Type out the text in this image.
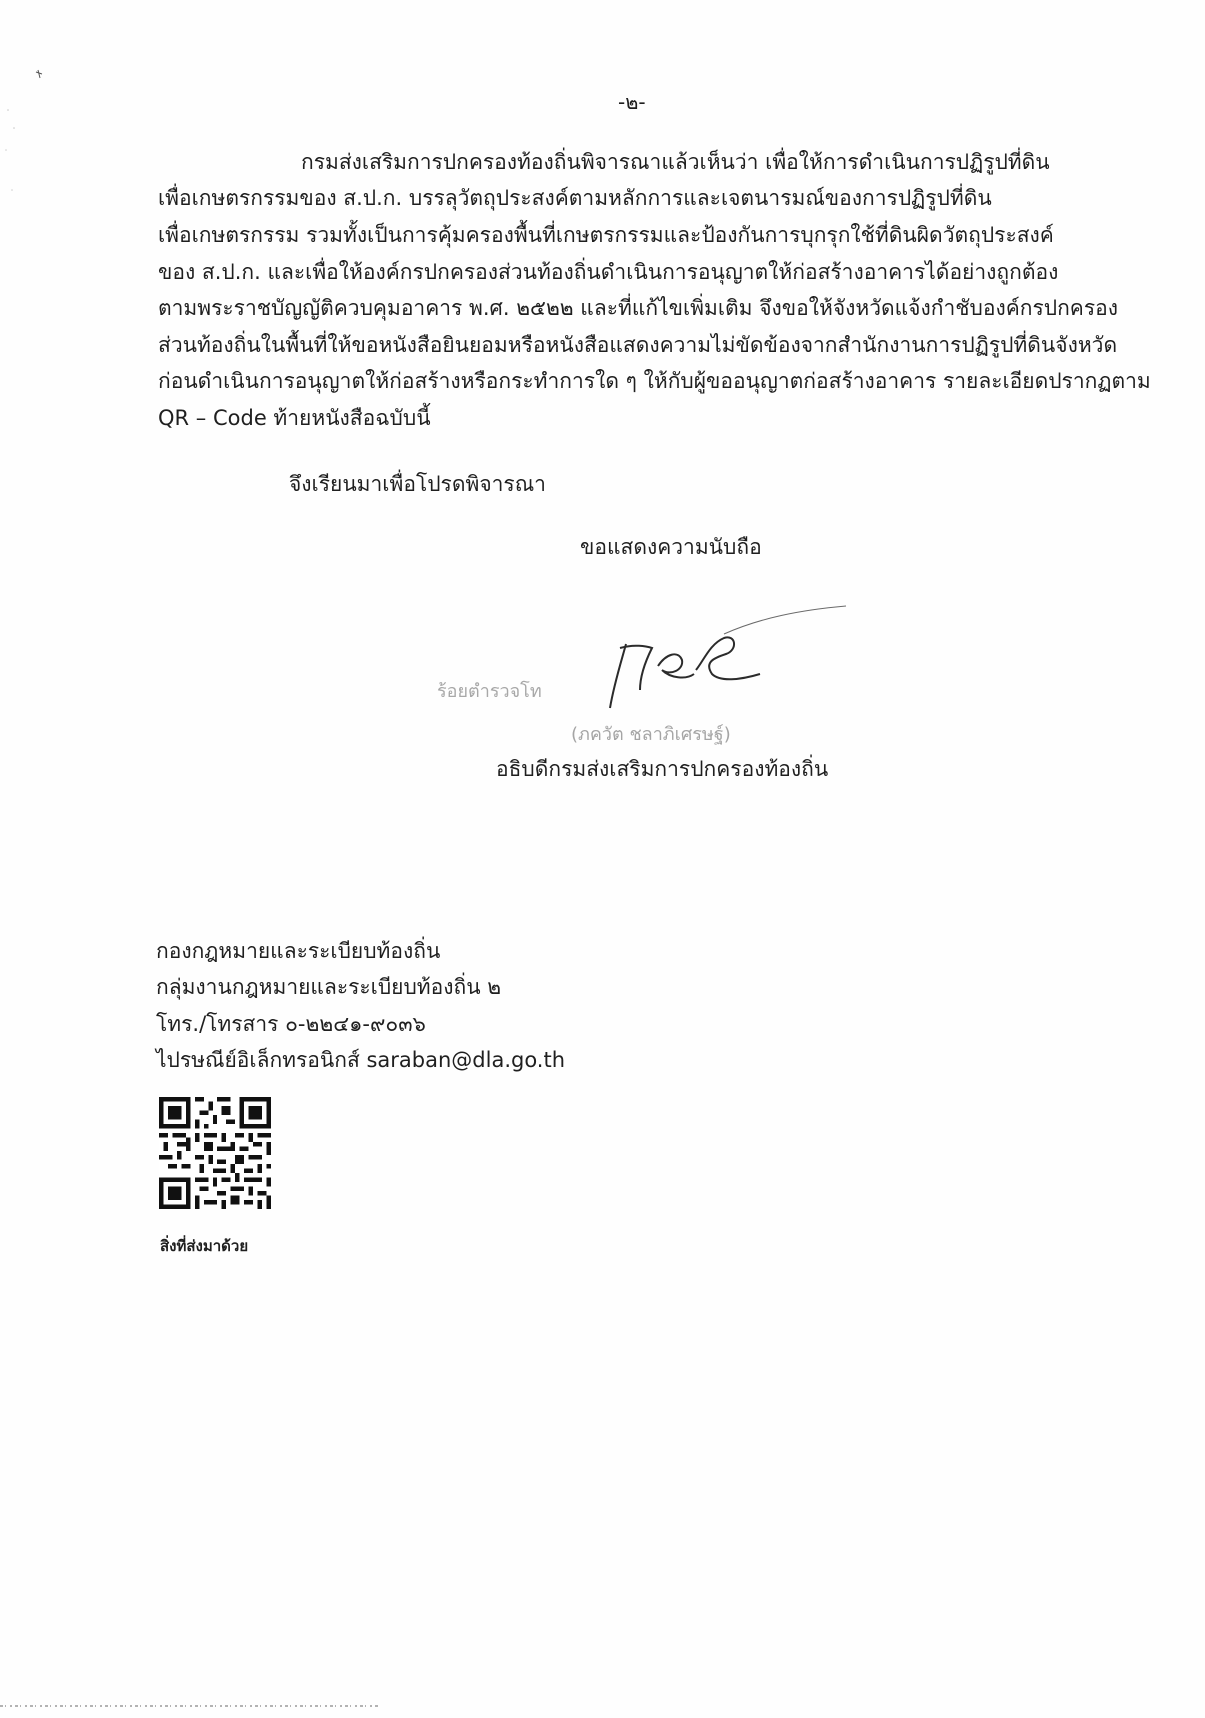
-๒-
กรมส่งเสริมการปกครองท้องถิ่นพิจารณาแล้วเห็นว่า เพื่อให้การดำเนินการปฏิรูปที่ดิน
เพื่อเกษตรกรรมของ ส.ป.ก. บรรลุวัตถุประสงค์ตามหลักการและเจตนารมณ์ของการปฏิรูปที่ดิน
เพื่อเกษตรกรรม รวมทั้งเป็นการคุ้มครองพื้นที่เกษตรกรรมและป้องกันการบุกรุกใช้ที่ดินผิดวัตถุประสงค์
ของ ส.ป.ก. และเพื่อให้องค์กรปกครองส่วนท้องถิ่นดำเนินการอนุญาตให้ก่อสร้างอาคารได้อย่างถูกต้อง
ตามพระราชบัญญัติควบคุมอาคาร พ.ศ. ๒๕๒๒ และที่แก้ไขเพิ่มเติม จึงขอให้จังหวัดแจ้งกำชับองค์กรปกครอง
ส่วนท้องถิ่นในพื้นที่ให้ขอหนังสือยินยอมหรือหนังสือแสดงความไม่ขัดข้องจากสำนักงานการปฏิรูปที่ดินจังหวัด
ก่อนดำเนินการอนุญาตให้ก่อสร้างหรือกระทำการใด ๆ ให้กับผู้ขออนุญาตก่อสร้างอาคาร รายละเอียดปรากฏตาม
QR – Code ท้ายหนังสือฉบับนี้
จึงเรียนมาเพื่อโปรดพิจารณา
ขอแสดงความนับถือ
ร้อยตำรวจโท
(ภควัต ชลาภิเศรษฐ์)
อธิบดีกรมส่งเสริมการปกครองท้องถิ่น
กองกฎหมายและระเบียบท้องถิ่น
กลุ่มงานกฎหมายและระเบียบท้องถิ่น ๒
โทร./โทรสาร ๐-๒๒๔๑-๙๐๓๖
ไปรษณีย์อิเล็กทรอนิกส์ saraban@dla.go.th
สิ่งที่ส่งมาด้วย
